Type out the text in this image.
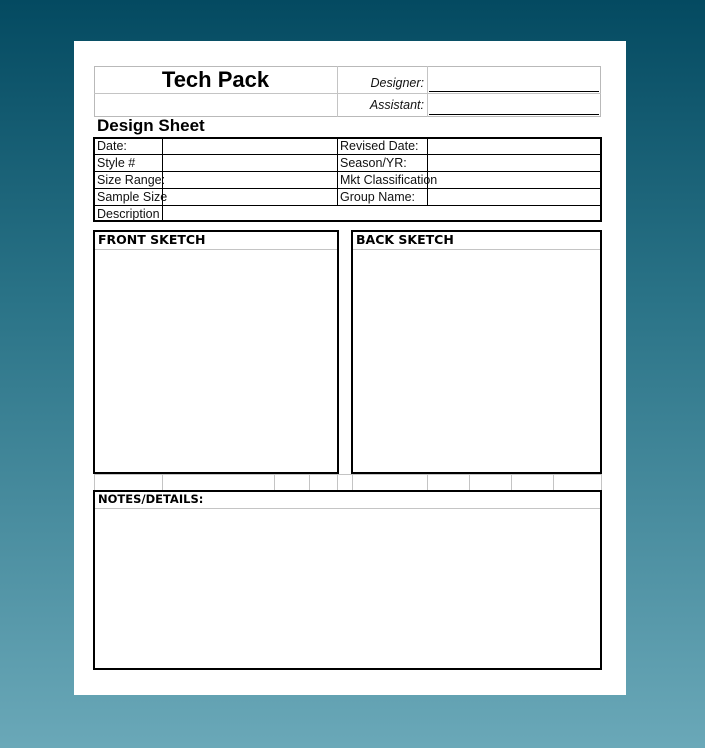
Tech Pack	Designer:
Assistant:
Design Sheet
Date:
Style #
Size Range:
Sample Size
Description
Revised Date:
Season/YR:
Mkt Classification
Group Name:
FRONT SKETCH	BACK SKETCH
NOTES/DETAILS:
